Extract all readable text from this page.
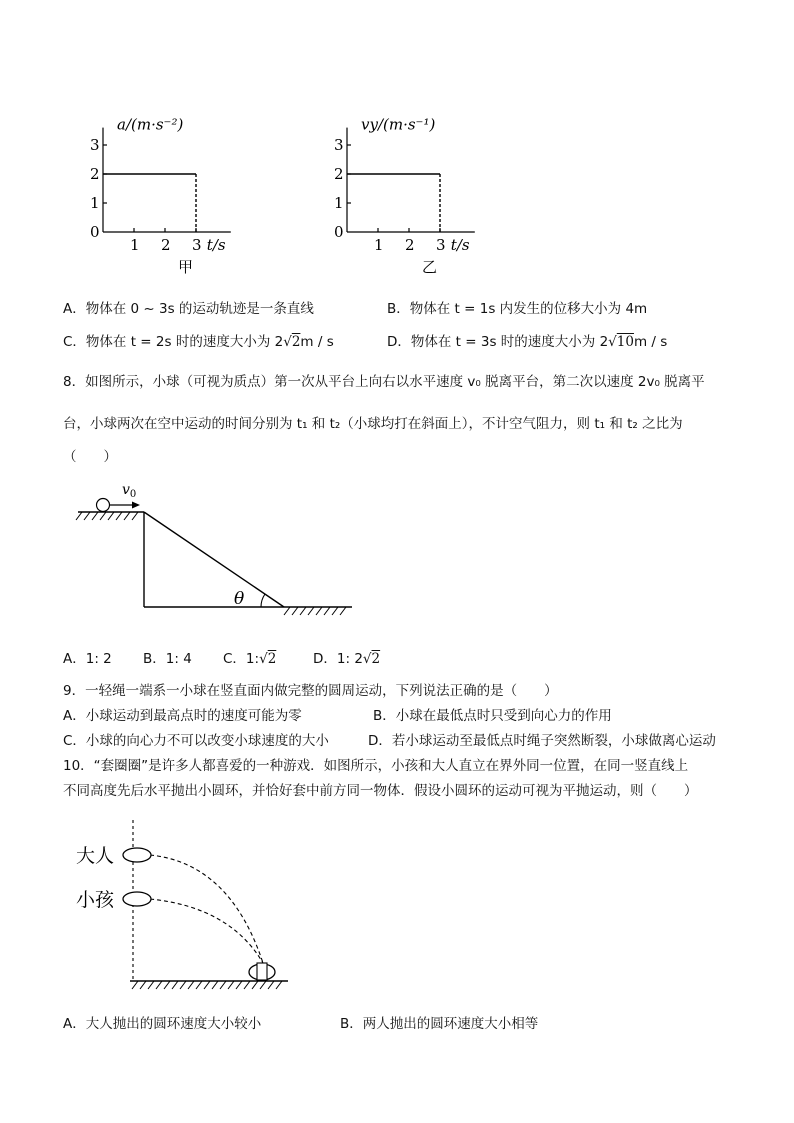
0
1
2
3
1 2 3
a/(m·s⁻²)
t/s
甲
0
1
2
3
1 2 3
vy/(m·s⁻¹)
t/s
乙
A．物体在 0 ~ 3s 的运动轨迹是一条直线	B．物体在 t = 1s 内发生的位移大小为 4m
C．物体在 t = 2s 时的速度大小为 2√2m / s	D．物体在 t = 3s 时的速度大小为 2√10m / s
8．如图所示，小球（可视为质点）第一次从平台上向右以水平速度 v₀ 脱离平台，第二次以速度 2v₀ 脱离平
台，小球两次在空中运动的时间分别为 t₁ 和 t₂（小球均打在斜面上），不计空气阻力，则 t₁ 和 t₂ 之比为
（　　）
$v_0$
θ
A．1: 2 B．1: 4 C．1:√2	D．1: 2√2
9．一轻绳一端系一小球在竖直面内做完整的圆周运动，下列说法正确的是（　　）
A．小球运动到最高点时的速度可能为零	B．小球在最低点时只受到向心力的作用
C．小球的向心力不可以改变小球速度的大小	D．若小球运动至最低点时绳子突然断裂，小球做离心运动
10．“套圈圈”是许多人都喜爱的一种游戏．如图所示，小孩和大人直立在界外同一位置，在同一竖直线上
不同高度先后水平抛出小圆环，并恰好套中前方同一物体．假设小圆环的运动可视为平抛运动，则（　　）
大人
小孩
A．大人抛出的圆环速度大小较小	B．两人抛出的圆环速度大小相等
